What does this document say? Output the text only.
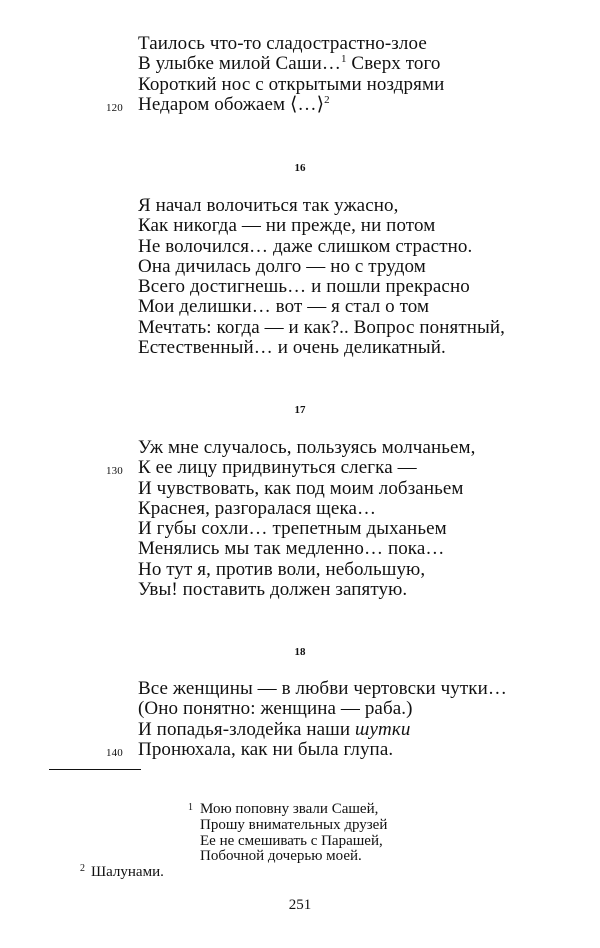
Таилось что-то сладострастно-злое
В улыбке милой Саши…$^1$ Сверх того
Короткий нос с открытыми ноздрями
120 Недаром обожаем ⟨…⟩$^2$
16
Я начал волочиться так ужасно,
Как никогда — ни прежде, ни потом
Не волочился… даже слишком страстно.
Она дичилась долго — но с трудом
Всего достигнешь… и пошли прекрасно
Мои делишки… вот — я стал о том
Мечтать: когда — и как?.. Вопрос понятный,
Естественный… и очень деликатный.
17
Уж мне случалось, пользуясь молчаньем,
130 К ее лицу придвинуться слегка —
И чувствовать, как под моим лобзаньем
Краснея, разгоралася щека…
И губы сохли… трепетным дыханьем
Менялись мы так медленно… пока…
Но тут я, против воли, небольшую,
Увы! поставить должен запятую.
18
Все женщины — в любви чертовски чутки…
(Оно понятно: женщина — раба.)
И попадья-злодейка наши шутки
140 Пронюхала, как ни была глупа.
1 Мою поповну звали Сашей,
Прошу внимательных друзей
Ее не смешивать с Парашей,
Побочной дочерью моей.
$^2$ Шалунами.
251
